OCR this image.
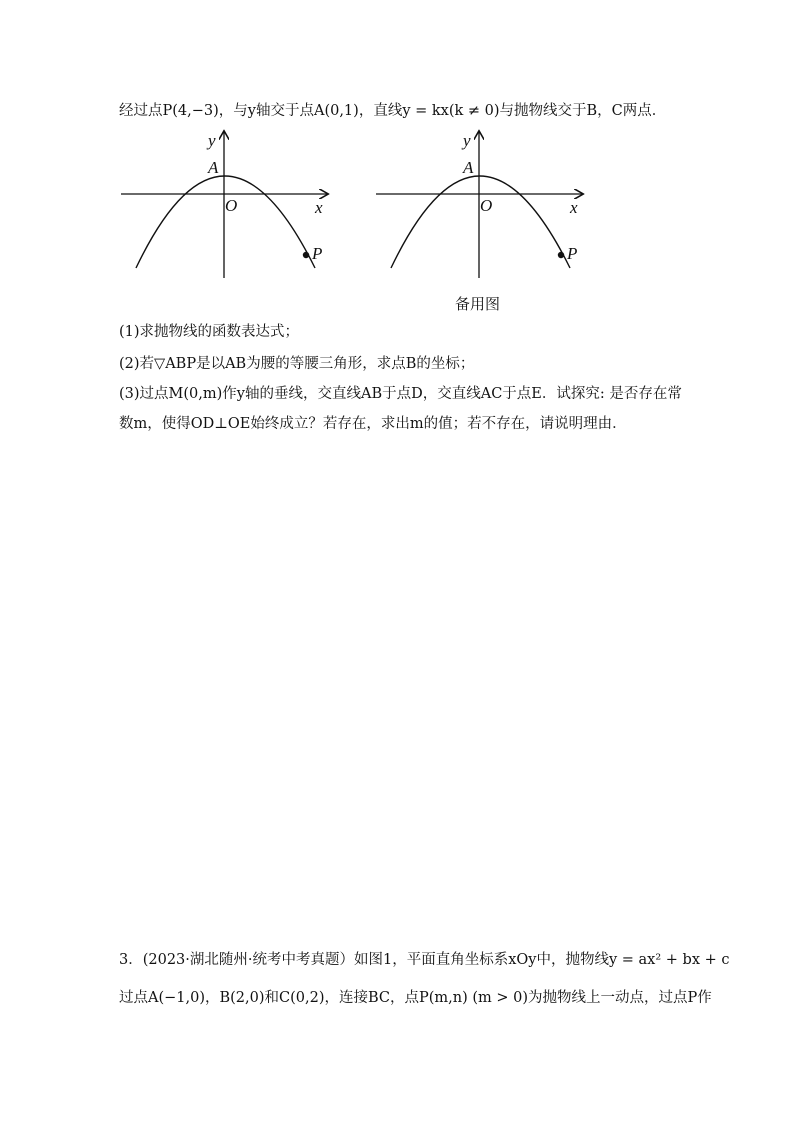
经过点P(4,−3)，与y轴交于点A(0,1)，直线y = kx(k ≠ 0)与抛物线交于B，C两点．
y
A
O	x
P
y
A
O	x
P
备用图
(1)求抛物线的函数表达式；
(2)若▽ABP是以AB为腰的等腰三角形，求点B的坐标；
(3)过点M(0,m)作y轴的垂线，交直线AB于点D，交直线AC于点E．试探究: 是否存在常
数m，使得OD⊥OE始终成立？若存在，求出m的值；若不存在，请说明理由．
3．(2023·湖北随州·统考中考真题）如图1，平面直角坐标系xOy中，抛物线y = ax² + bx + c
过点A(−1,0)，B(2,0)和C(0,2)，连接BC，点P(m,n) (m > 0)为抛物线上一动点，过点P作
